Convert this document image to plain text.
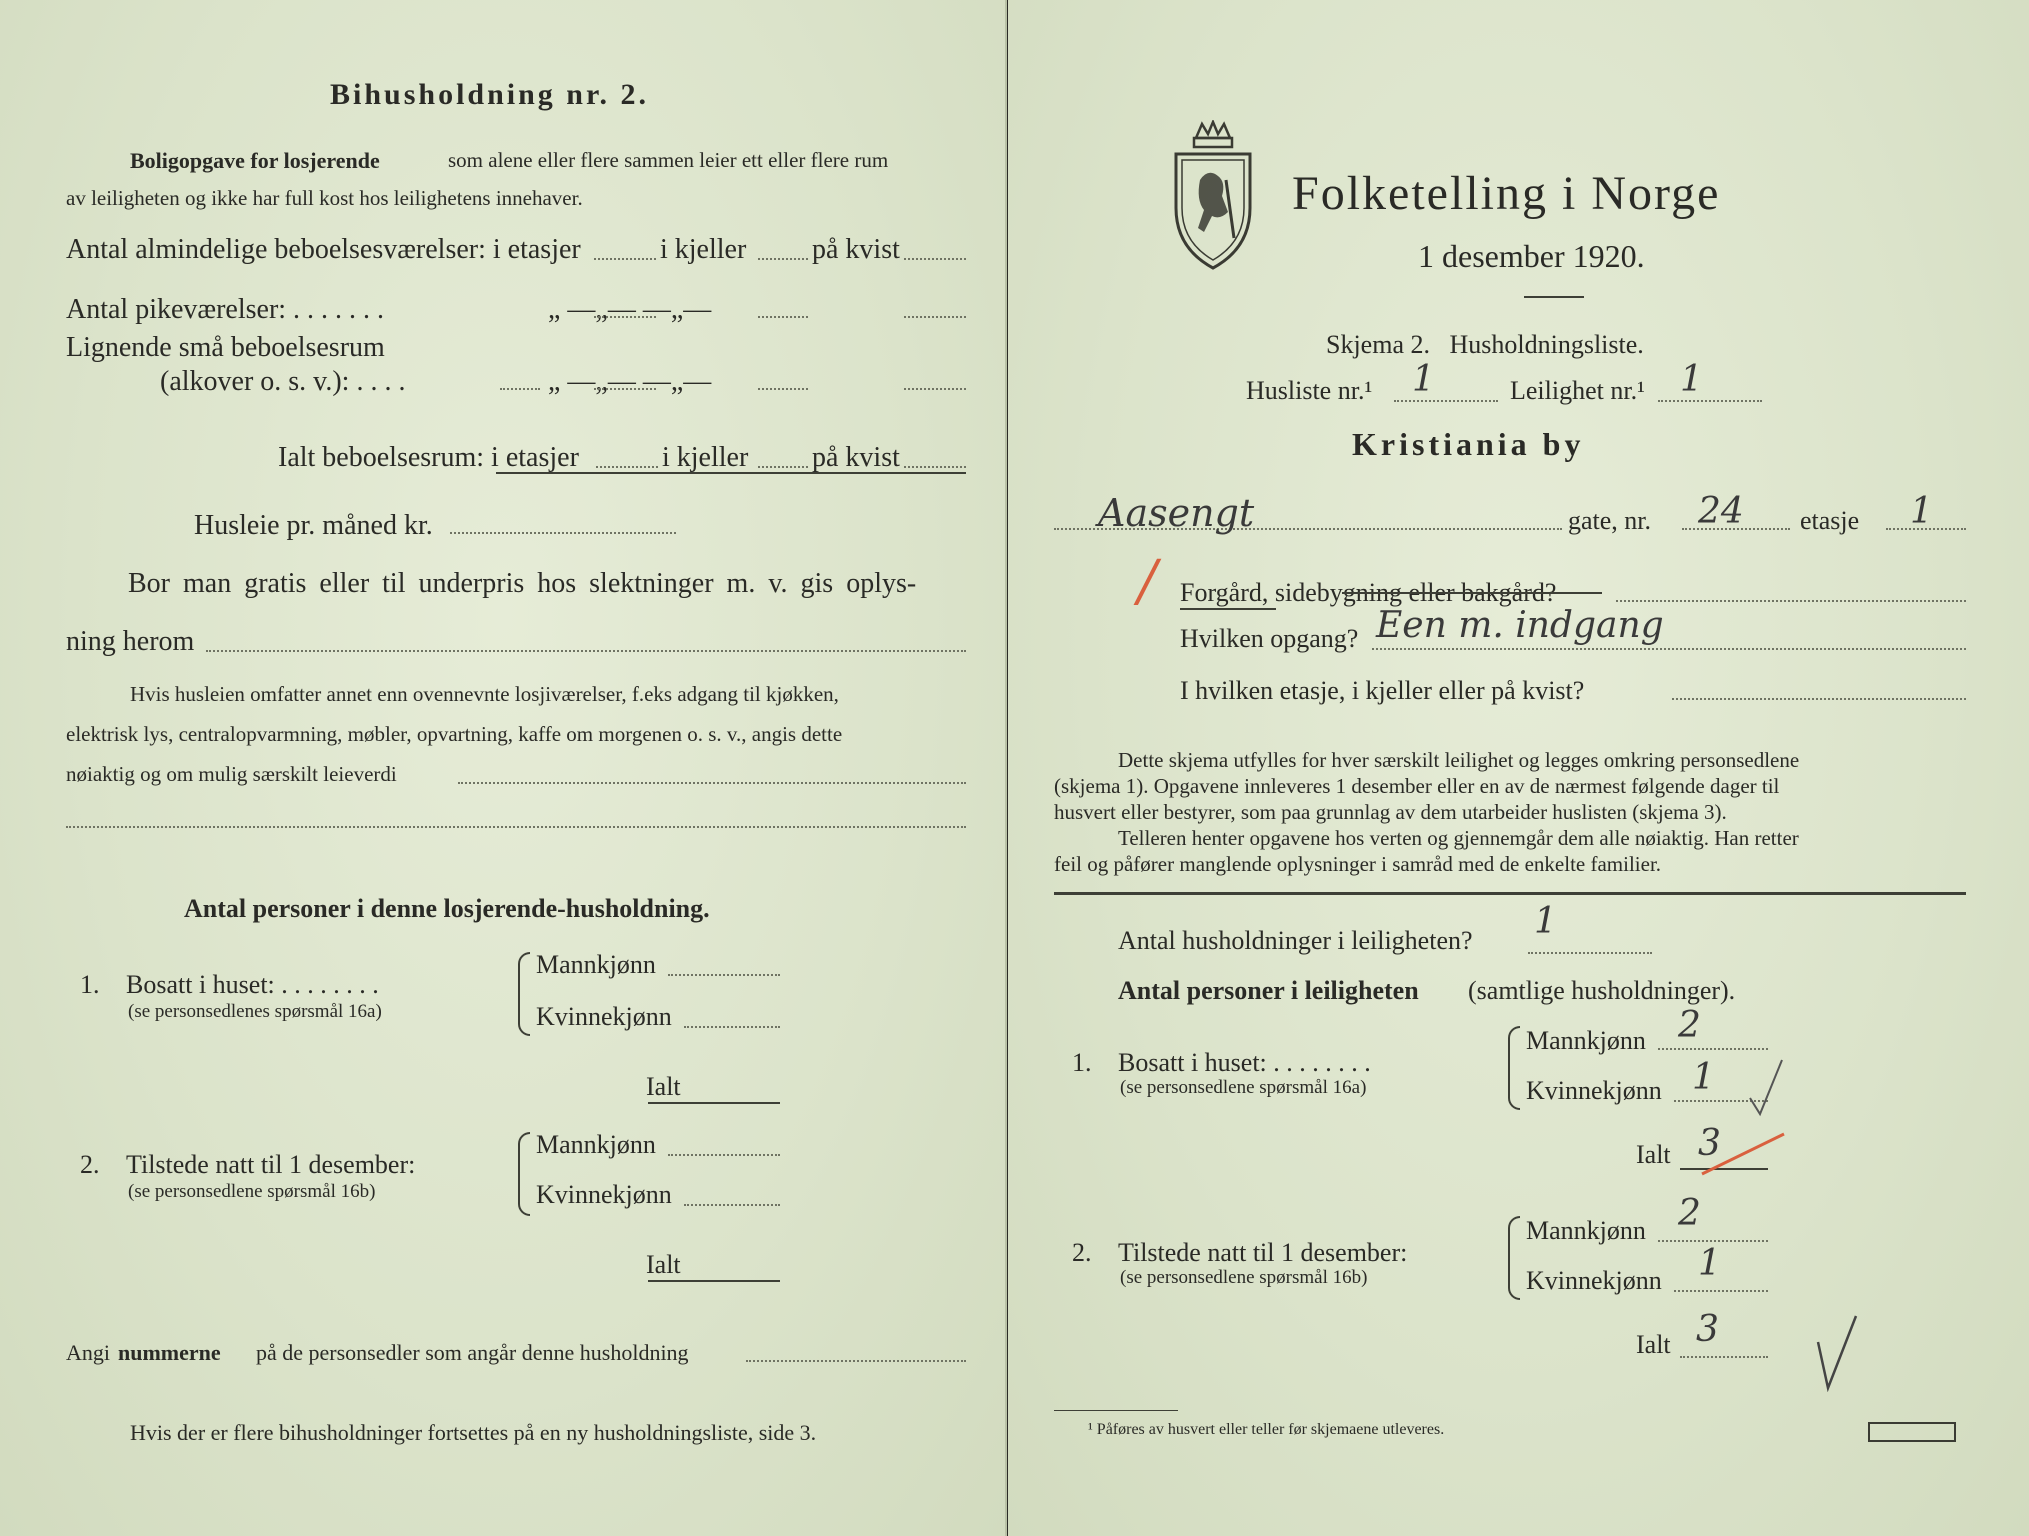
Bihusholdning nr. 2.
Boligopgave for losjerende	som alene eller flere sammen leier ett eller flere rum
av leiligheten og ikke har full kost hos leilighetens innehaver.
Antal almindelige beboelsesværelser: i etasjer	i kjeller på kvist
Antal pikeværelser: . . . . . . .	„ —„— —„—
Lignende små beboelsesrum
(alkover o. s. v.): . . . .	„ —„— —„—
Ialt beboelsesrum: i etasjer	i kjeller på kvist
Husleie pr. måned kr.
Bor man gratis eller til underpris hos slektninger m. v. gis oplys-
ning herom
Hvis husleien omfatter annet enn ovennevnte losjiværelser, f.eks adgang til kjøkken,
elektrisk lys, centralopvarmning, møbler, opvartning, kaffe om morgenen o. s. v., angis dette
nøiaktig og om mulig særskilt leieverdi
Antal personer i denne losjerende-husholdning.
1. Bosatt i huset: . . . . . . . .
(se personsedlenes spørsmål 16a)
Mannkjønn
Kvinnekjønn
Ialt
2. Tilstede natt til 1 desember:
(se personsedlene spørsmål 16b)
Mannkjønn
Kvinnekjønn
Ialt
Angi nummerne på de personsedler som angår denne husholdning
Hvis der er flere bihusholdninger fortsettes på en ny husholdningsliste, side 3.
Folketelling i Norge
1 desember 1920.
Skjema 2.   Husholdningsliste.
Husliste nr.¹ 1	Leilighet nr.¹ 1
Kristiania by
Aasengt	gate, nr. 24 etasje 1
/ Forgård, sidebygning eller bakgård?
Hvilken opgang? Een m. indgang
I hvilken etasje, i kjeller eller på kvist?
Dette skjema utfylles for hver særskilt leilighet og legges omkring personsedlene
(skjema 1). Opgavene innleveres 1 desember eller en av de nærmest følgende dager til
husvert eller bestyrer, som paa grunnlag av dem utarbeider huslisten (skjema 3).
Telleren henter opgavene hos verten og gjennemgår dem alle nøiaktig. Han retter
feil og påfører manglende oplysninger i samråd med de enkelte familier.
Antal husholdninger i leiligheten? 1
Antal personer i leiligheten (samtlige husholdninger).
1. Bosatt i huset: . . . . . . . .
(se personsedlene spørsmål 16a)
Mannkjønn 2
Kvinnekjønn 1
Ialt 3
2. Tilstede natt til 1 desember:
(se personsedlene spørsmål 16b)
Mannkjønn 2
Kvinnekjønn 1
Ialt 3
¹ Påføres av husvert eller teller før skjemaene utleveres.
